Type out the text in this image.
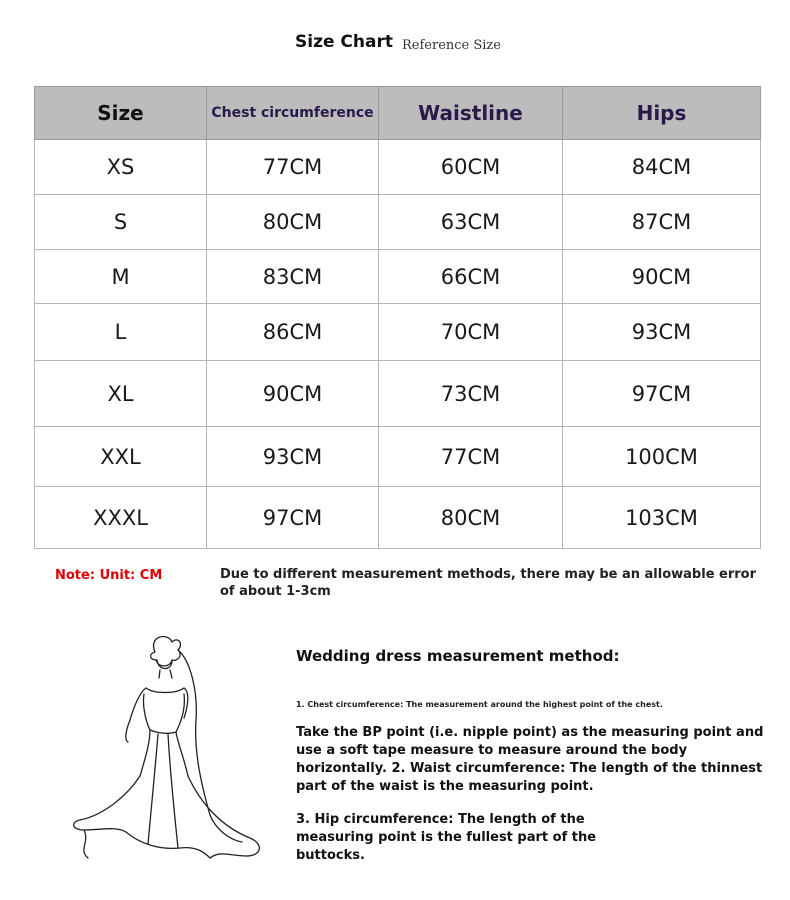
Size Chart Reference Size
Size	Chest circumference	Waistline	Hips
XS	77CM	60CM	84CM
S	80CM	63CM	87CM
M	83CM	66CM	90CM
L	86CM	70CM	93CM
XL	90CM	73CM	97CM
XXL	93CM	77CM	100CM
XXXL	97CM	80CM	103CM
Note: Unit: CM	Due to different measurement methods, there may be an allowable error of about 1-3cm
Wedding dress measurement method:
1. Chest circumference: The measurement around the highest point of the chest.
Take the BP point (i.e. nipple point) as the measuring point and use a soft tape measure to measure around the body horizontally. 2. Waist circumference: The length of the thinnest part of the waist is the measuring point.
3. Hip circumference: The length of the measuring point is the fullest part of the buttocks.
